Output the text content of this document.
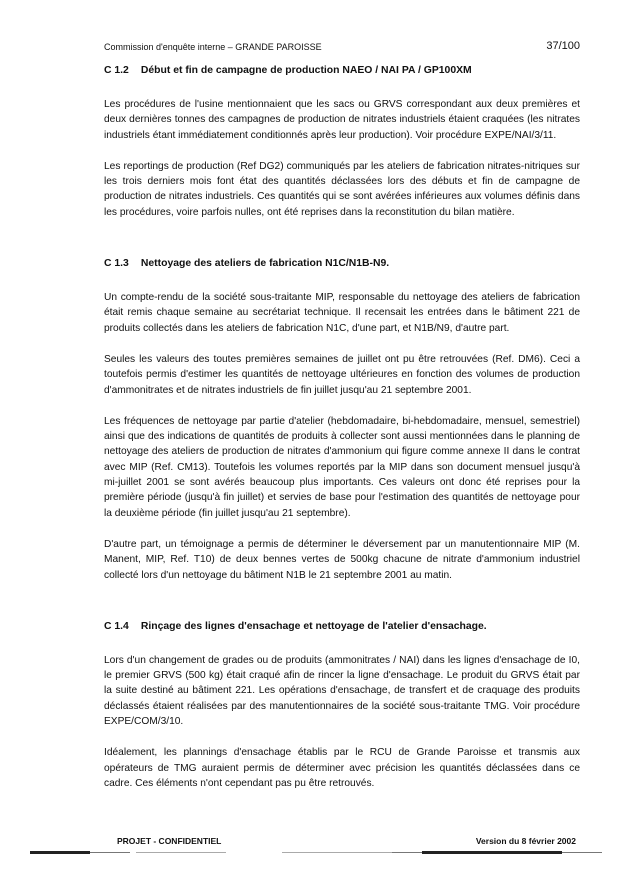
Commission d'enquête interne – GRANDE PAROISSE	37/100
C 1.2 Début et fin de campagne de production NAEO / NAI PA / GP100XM

Les procédures de l'usine mentionnaient que les sacs ou GRVS correspondant aux deux premières et deux dernières tonnes des campagnes de production de nitrates industriels étaient craquées (les nitrates industriels étant immédiatement conditionnés après leur production). Voir procédure EXPE/NAI/3/11.

Les reportings de production (Ref DG2) communiqués par les ateliers de fabrication nitrates-nitriques sur les trois derniers mois font état des quantités déclassées lors des débuts et fin de campagne de production de nitrates industriels. Ces quantités qui se sont avérées inférieures aux volumes définis dans les procédures, voire parfois nulles, ont été reprises dans la reconstitution du bilan matière.

C 1.3 Nettoyage des ateliers de fabrication N1C/N1B-N9.

Un compte-rendu de la société sous-traitante MIP, responsable du nettoyage des ateliers de fabrication était remis chaque semaine au secrétariat technique. Il recensait les entrées dans le bâtiment 221 de produits collectés dans les ateliers de fabrication N1C, d'une part, et N1B/N9, d'autre part.

Seules les valeurs des toutes premières semaines de juillet ont pu être retrouvées (Ref. DM6). Ceci a toutefois permis d'estimer les quantités de nettoyage ultérieures en fonction des volumes de production d'ammonitrates et de nitrates industriels de fin juillet jusqu'au 21 septembre 2001.

Les fréquences de nettoyage par partie d'atelier (hebdomadaire, bi-hebdomadaire, mensuel, semestriel) ainsi que des indications de quantités de produits à collecter sont aussi mentionnées dans le planning de nettoyage des ateliers de production de nitrates d'ammonium qui figure comme annexe II dans le contrat avec MIP (Ref. CM13). Toutefois les volumes reportés par la MIP dans son document mensuel jusqu'à mi-juillet 2001 se sont avérés beaucoup plus importants. Ces valeurs ont donc été reprises pour la première période (jusqu'à fin juillet) et servies de base pour l'estimation des quantités de nettoyage pour la deuxième période (fin juillet jusqu'au 21 septembre).

D'autre part, un témoignage a permis de déterminer le déversement par un manutentionnaire MIP (M. Manent, MIP, Ref. T10) de deux bennes vertes de 500kg chacune de nitrate d'ammonium industriel collecté lors d'un nettoyage du bâtiment N1B le 21 septembre 2001 au matin.

C 1.4 Rinçage des lignes d'ensachage et nettoyage de l'atelier d'ensachage.

Lors d'un changement de grades ou de produits (ammonitrates / NAI) dans les lignes d'ensachage de I0, le premier GRVS (500 kg) était craqué afin de rincer la ligne d'ensachage. Le produit du GRVS était par la suite destiné au bâtiment 221. Les opérations d'ensachage, de transfert et de craquage des produits déclassés étaient réalisées par des manutentionnaires de la société sous-traitante TMG. Voir procédure EXPE/COM/3/10.

Idéalement, les plannings d'ensachage établis par le RCU de Grande Paroisse et transmis aux opérateurs de TMG auraient permis de déterminer avec précision les quantités déclassées dans ce cadre. Ces éléments n'ont cependant pas pu être retrouvés.

PROJET - CONFIDENTIEL	Version du 8 février 2002
